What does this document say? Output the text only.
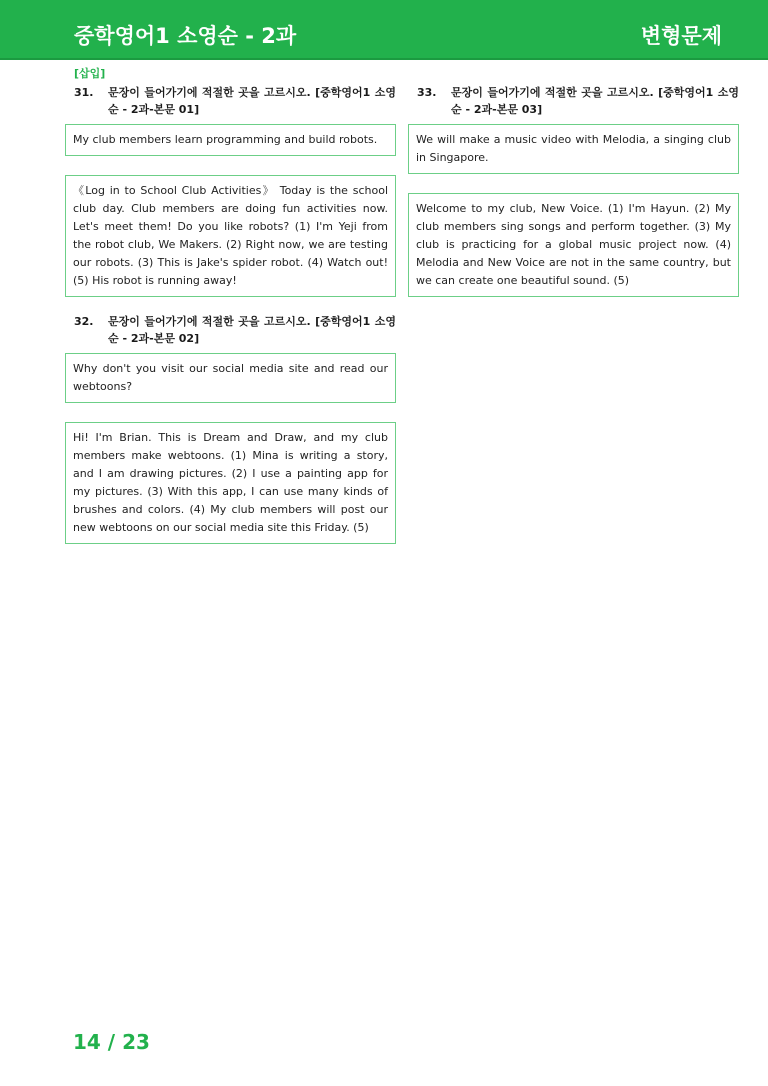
중학영어1 소영순 - 2과	변형문제
[삽입]
31. 문장이 들어가기에 적절한 곳을 고르시오. [중학영어1 소영순 - 2과-본문 01]
My club members learn programming and build robots.
《Log in to School Club Activities》 Today is the school club day. Club members are doing fun activities now. Let's meet them! Do you like robots? (1) I'm Yeji from the robot club, We Makers. (2) Right now, we are testing our robots. (3) This is Jake's spider robot. (4) Watch out! (5) His robot is running away!
32. 문장이 들어가기에 적절한 곳을 고르시오. [중학영어1 소영순 - 2과-본문 02]
Why don't you visit our social media site and read our webtoons?
Hi! I'm Brian. This is Dream and Draw, and my club members make webtoons. (1) Mina is writing a story, and I am drawing pictures. (2) I use a painting app for my pictures. (3) With this app, I can use many kinds of brushes and colors. (4) My club members will post our new webtoons on our social media site this Friday. (5)
33. 문장이 들어가기에 적절한 곳을 고르시오. [중학영어1 소영순 - 2과-본문 03]
We will make a music video with Melodia, a singing club in Singapore.
Welcome to my club, New Voice. (1) I'm Hayun. (2) My club members sing songs and perform together. (3) My club is practicing for a global music project now. (4) Melodia and New Voice are not in the same country, but we can create one beautiful sound. (5)
14 / 23
